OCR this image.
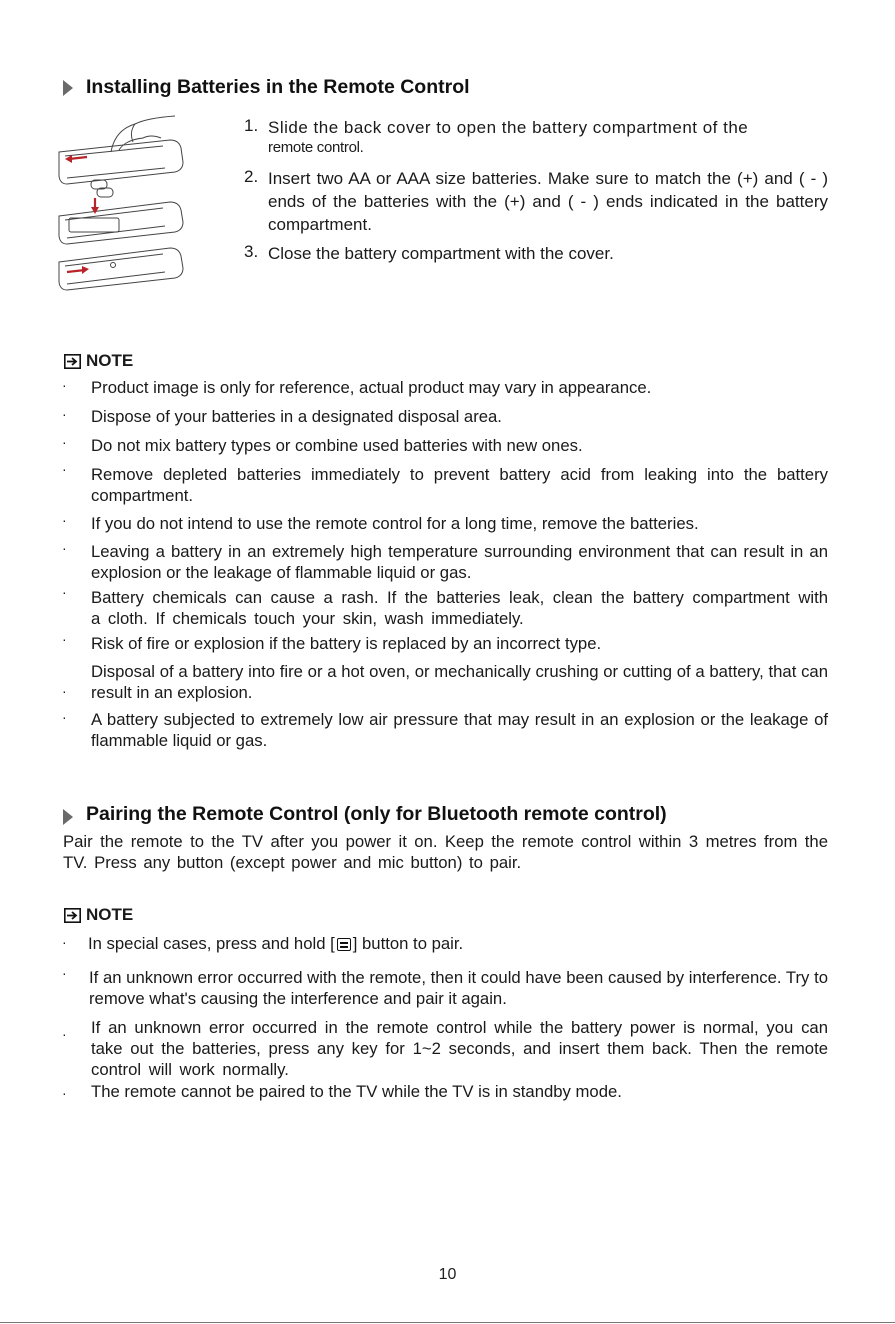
Installing Batteries in the Remote Control
1. Slide the back cover to open the battery compartment of the
remote control.
2. Insert two AA or AAA size batteries. Make sure to match the (+) and ( - ) ends of the batteries with the (+) and ( - ) ends indicated in the battery compartment.
3. Close the battery compartment with the cover.
NOTE
· Product image is only for reference, actual product may vary in appearance.
· Dispose of your batteries in a designated disposal area.
· Do not mix battery types or combine used batteries with new ones.
· Remove depleted batteries immediately to prevent battery acid from leaking into the battery compartment.
· If you do not intend to use the remote control for a long time, remove the batteries.
· Leaving a battery in an extremely high temperature surrounding environment that can result in an explosion or the leakage of flammable liquid or gas.
· Battery chemicals can cause a rash. If the batteries leak, clean the battery compartment with a cloth. If chemicals touch your skin, wash immediately.
· Risk of fire or explosion if the battery is replaced by an incorrect type.
·
Disposal of a battery into fire or a hot oven, or mechanically crushing or cutting of a battery, that can result in an explosion.
· A battery subjected to extremely low air pressure that may result in an explosion or the leakage of flammable liquid or gas.
Pairing the Remote Control (only for Bluetooth remote control)
Pair the remote to the TV after you power it on. Keep the remote control within 3 metres from the TV. Press any button (except power and mic button) to pair.
NOTE
· In special cases, press and hold [ ] button to pair.
· If an unknown error occurred with the remote, then it could have been caused by interference. Try to remove what's causing the interference and pair it again.
· If an unknown error occurred in the remote control while the battery power is normal, you can take out the batteries, press any key for 1~2 seconds, and insert them back. Then the remote control will work normally.
· The remote cannot be paired to the TV while the TV is in standby mode.
10
